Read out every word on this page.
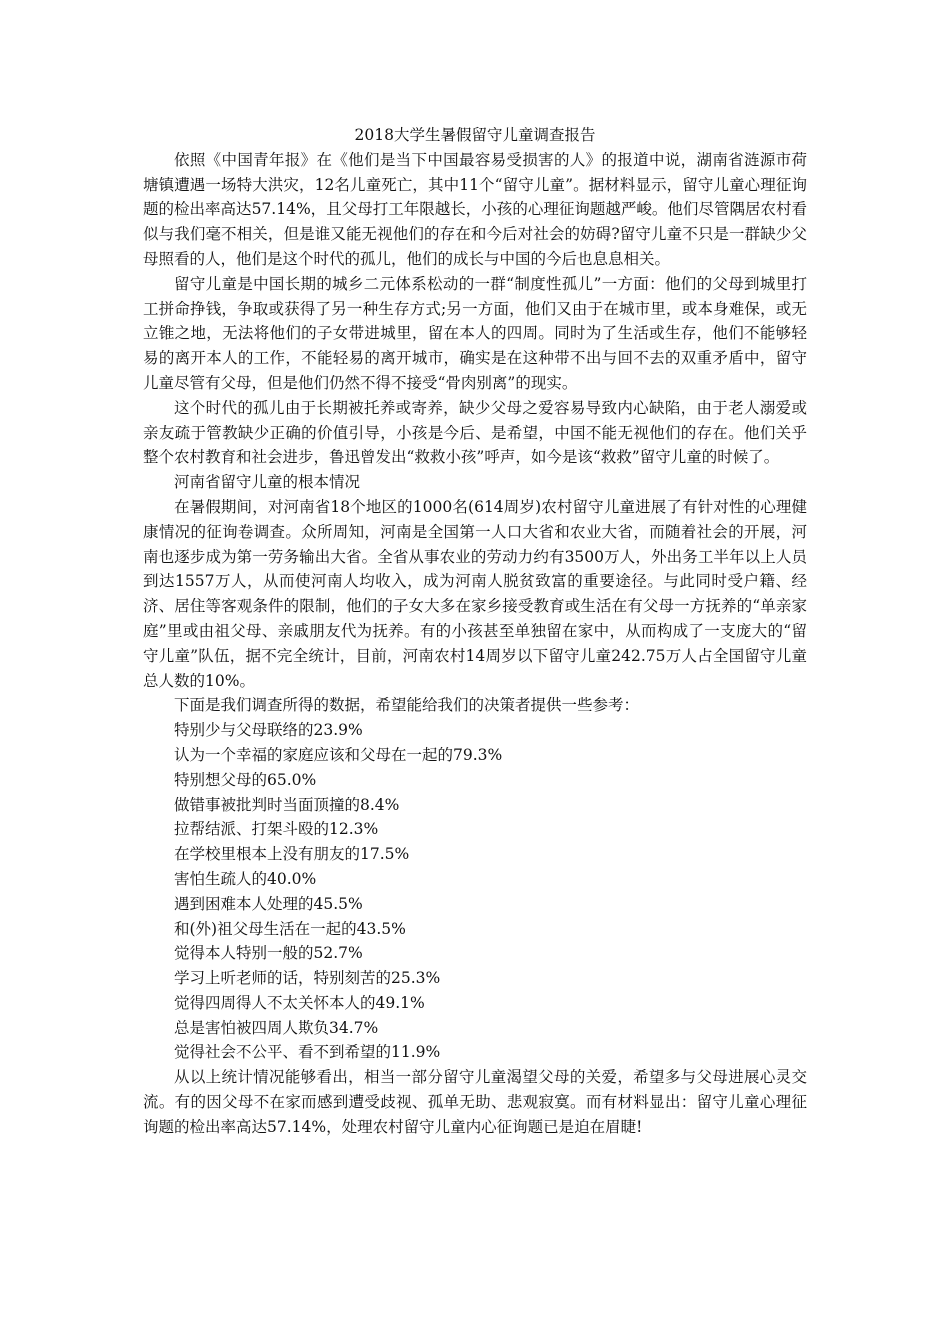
2018大学生暑假留守儿童调查报告

依照《中国青年报》在《他们是当下中国最容易受损害的人》的报道中说，湖南省涟源市荷塘镇遭遇一场特大洪灾，12名儿童死亡，其中11个“留守儿童”。据材料显示，留守儿童心理征询题的检出率高达57.14%，且父母打工年限越长，小孩的心理征询题越严峻。他们尽管隅居农村看似与我们毫不相关，但是谁又能无视他们的存在和今后对社会的妨碍?留守儿童不只是一群缺少父母照看的人，他们是这个时代的孤儿，他们的成长与中国的今后也息息相关。

留守儿童是中国长期的城乡二元体系松动的一群“制度性孤儿”一方面：他们的父母到城里打工拼命挣钱，争取或获得了另一种生存方式;另一方面，他们又由于在城市里，或本身难保，或无立锥之地，无法将他们的子女带进城里，留在本人的四周。同时为了生活或生存，他们不能够轻易的离开本人的工作，不能轻易的离开城市，确实是在这种带不出与回不去的双重矛盾中，留守儿童尽管有父母，但是他们仍然不得不接受“骨肉别离”的现实。

这个时代的孤儿由于长期被托养或寄养，缺少父母之爱容易导致内心缺陷，由于老人溺爱或亲友疏于管教缺少正确的价值引导，小孩是今后、是希望，中国不能无视他们的存在。他们关乎整个农村教育和社会进步，鲁迅曾发出“救救小孩”呼声，如今是该“救救”留守儿童的时候了。

河南省留守儿童的根本情况

在暑假期间，对河南省18个地区的1000名(614周岁)农村留守儿童进展了有针对性的心理健康情况的征询卷调查。众所周知，河南是全国第一人口大省和农业大省，而随着社会的开展，河南也逐步成为第一劳务输出大省。全省从事农业的劳动力约有3500万人，外出务工半年以上人员到达1557万人，从而使河南人均收入，成为河南人脱贫致富的重要途径。与此同时受户籍、经济、居住等客观条件的限制，他们的子女大多在家乡接受教育或生活在有父母一方抚养的“单亲家庭”里或由祖父母、亲戚朋友代为抚养。有的小孩甚至单独留在家中，从而构成了一支庞大的“留守儿童”队伍，据不完全统计，目前，河南农村14周岁以下留守儿童242.75万人占全国留守儿童总人数的10%。

下面是我们调查所得的数据，希望能给我们的决策者提供一些参考：

特别少与父母联络的23.9%
认为一个幸福的家庭应该和父母在一起的79.3%
特别想父母的65.0%
做错事被批判时当面顶撞的8.4%
拉帮结派、打架斗殴的12.3%
在学校里根本上没有朋友的17.5%
害怕生疏人的40.0%
遇到困难本人处理的45.5%
和(外)祖父母生活在一起的43.5%
觉得本人特别一般的52.7%
学习上听老师的话，特别刻苦的25.3%
觉得四周得人不太关怀本人的49.1%
总是害怕被四周人欺负34.7%
觉得社会不公平、看不到希望的11.9%

从以上统计情况能够看出，相当一部分留守儿童渴望父母的关爱，希望多与父母进展心灵交流。有的因父母不在家而感到遭受歧视、孤单无助、悲观寂寞。而有材料显出：留守儿童心理征询题的检出率高达57.14%，处理农村留守儿童内心征询题已是迫在眉睫!
